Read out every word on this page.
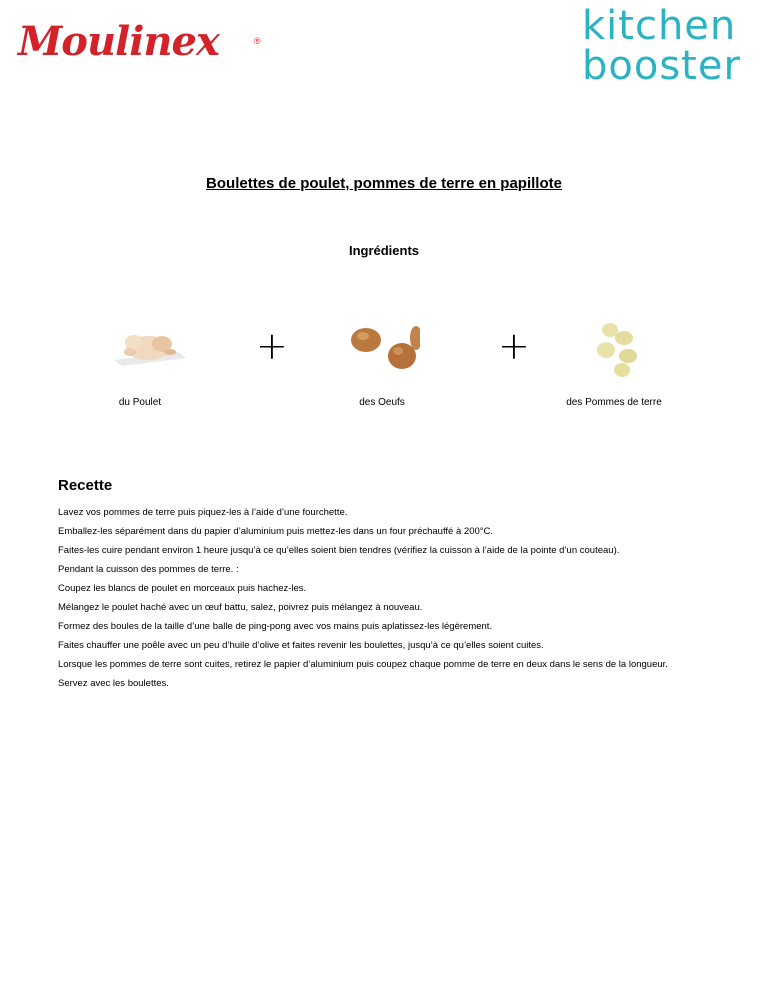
Moulinex	®	kitchen
booster
Boulettes de poulet, pommes de terre en papillote
Ingrédients
+	+
du Poulet	des Oeufs	des Pommes de terre
Recette

Lavez vos pommes de terre puis piquez-les à l’aide d’une fourchette.

Emballez-les séparément dans du papier d’aluminium puis mettez-les dans un four préchauffé à 200°C.

Faites-les cuire pendant environ 1 heure jusqu’à ce qu’elles soient bien tendres (vérifiez la cuisson à l’aide de la pointe d’un couteau).

Pendant la cuisson des pommes de terre. :

Coupez les blancs de poulet en morceaux puis hachez-les.

Mélangez le poulet haché avec un œuf battu, salez, poivrez puis mélangez à nouveau.

Formez des boules de la taille d’une balle de ping-pong avec vos mains puis aplatissez-les légèrement.

Faites chauffer une poêle avec un peu d’huile d’olive et faites revenir les boulettes, jusqu’à ce qu’elles soient cuites.

Lorsque les pommes de terre sont cuites, retirez le papier d’aluminium puis coupez chaque pomme de terre en deux dans le sens de la longueur.

Servez avec les boulettes.
